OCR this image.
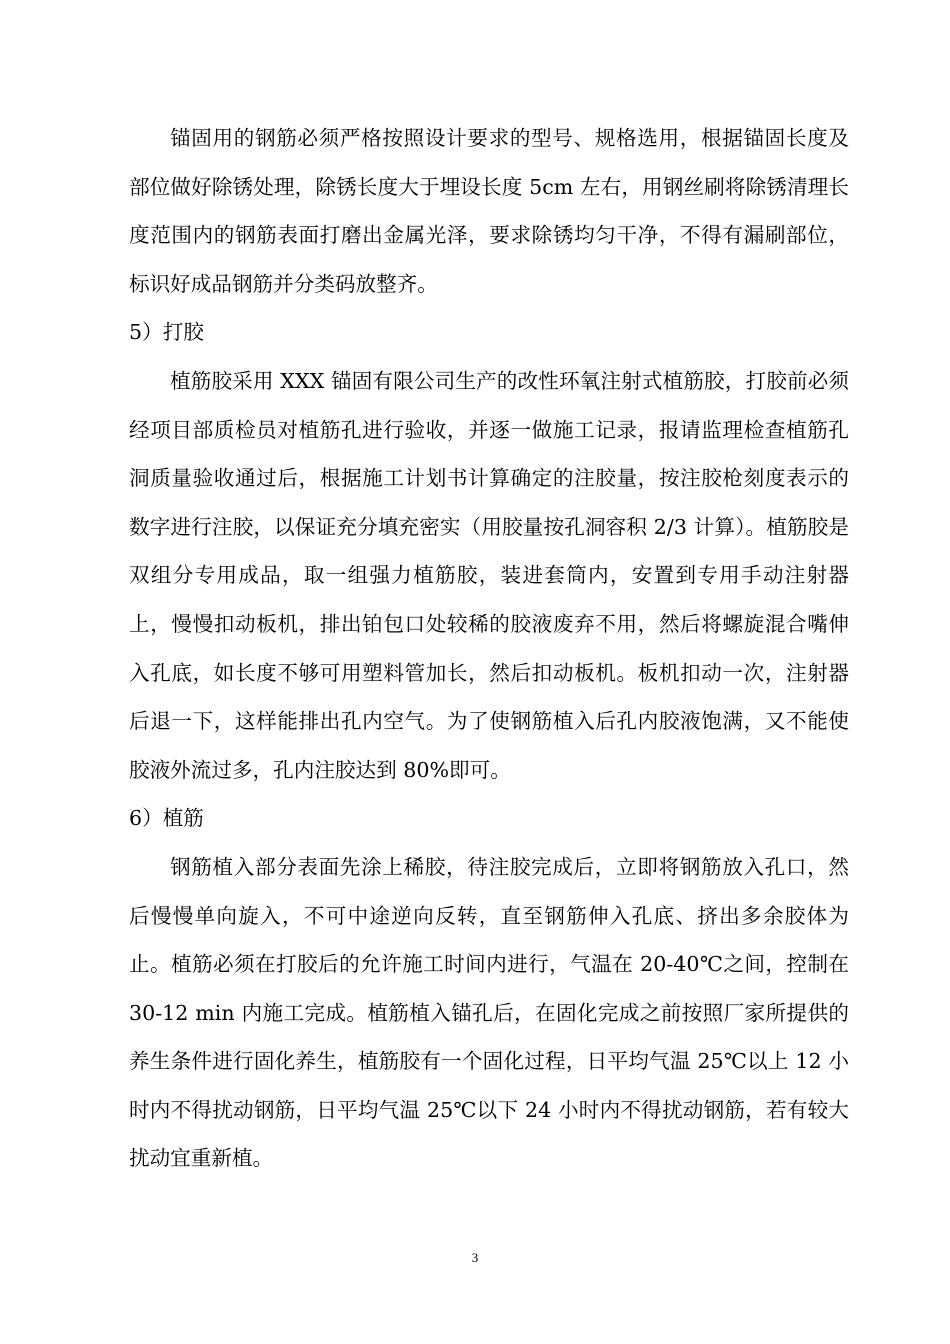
锚固用的钢筋必须严格按照设计要求的型号、规格选用，根据锚固长度及部位做好除锈处理，除锈长度大于埋设长度 5cm 左右，用钢丝刷将除锈清理长度范围内的钢筋表面打磨出金属光泽，要求除锈均匀干净，不得有漏刷部位，标识好成品钢筋并分类码放整齐。

5）打胶

植筋胶采用 XXX 锚固有限公司生产的改性环氧注射式植筋胶，打胶前必须经项目部质检员对植筋孔进行验收，并逐一做施工记录，报请监理检查植筋孔洞质量验收通过后，根据施工计划书计算确定的注胶量，按注胶枪刻度表示的数字进行注胶，以保证充分填充密实（用胶量按孔洞容积 2/3 计算）。植筋胶是双组分专用成品，取一组强力植筋胶，装进套筒内，安置到专用手动注射器上，慢慢扣动板机，排出铂包口处较稀的胶液废弃不用，然后将螺旋混合嘴伸入孔底，如长度不够可用塑料管加长，然后扣动板机。板机扣动一次，注射器后退一下，这样能排出孔内空气。为了使钢筋植入后孔内胶液饱满，又不能使胶液外流过多，孔内注胶达到 80%即可。

6）植筋

钢筋植入部分表面先涂上稀胶，待注胶完成后，立即将钢筋放入孔口，然后慢慢单向旋入，不可中途逆向反转，直至钢筋伸入孔底、挤出多余胶体为止。植筋必须在打胶后的允许施工时间内进行，气温在 20-40℃之间，控制在 30-12 min 内施工完成。植筋植入锚孔后，在固化完成之前按照厂家所提供的养生条件进行固化养生，植筋胶有一个固化过程，日平均气温 25℃以上 12 小时内不得扰动钢筋，日平均气温 25℃以下 24 小时内不得扰动钢筋，若有较大扰动宜重新植。

3
